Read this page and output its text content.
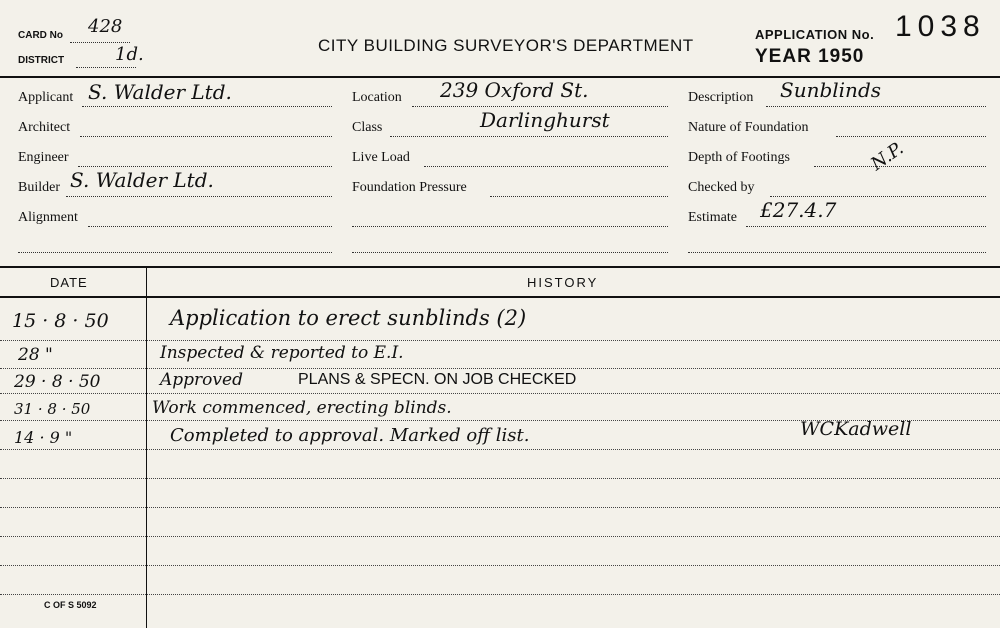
CARD No 428
DISTRICT	1d.	CITY BUILDING SURVEYOR'S DEPARTMENT
APPLICATION No. 1038
YEAR 1950
Applicant S. Walder Ltd.
Architect
Engineer
Builder S. Walder Ltd.
Alignment
Location 239 Oxford St.
Class	Darlinghurst
Live Load
Foundation Pressure
Description Sunblinds
Nature of Foundation
Depth of Footings	N.P.
Checked by
Estimate £27.4.7
DATE	HISTORY
15 · 8 · 50	Application to erect sunblinds (2)
28 "	Inspected & reported to E.I.
29 · 8 · 50	Approved	PLANS & SPECN. ON JOB CHECKED
31 · 8 · 50	Work commenced, erecting blinds.
14 · 9 "	Completed to approval. Marked off list.	WCKadwell
C OF S 5092
